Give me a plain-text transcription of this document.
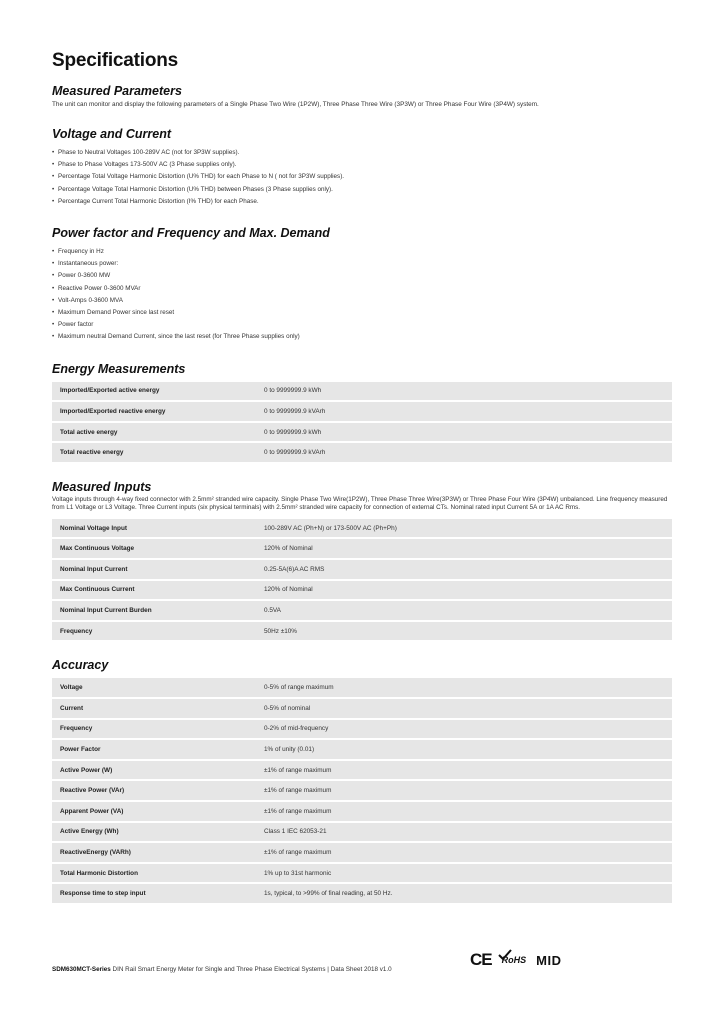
Specifications
Measured Parameters

The unit can monitor and display the following parameters of a Single Phase Two Wire (1P2W), Three Phase Three Wire (3P3W) or Three Phase Four Wire (3P4W) system.

Voltage and Current
• Phase to Neutral Voltages 100-289V AC (not for 3P3W supplies).
• Phase to Phase Voltages 173-500V AC (3 Phase supplies only).
• Percentage Total Voltage Harmonic Distortion (U% THD) for each Phase to N ( not for 3P3W supplies).
• Percentage Voltage Total Harmonic Distortion (U% THD) between Phases (3 Phase supplies only).
• Percentage Current Total Harmonic Distortion (I% THD) for each Phase.
Power factor and Frequency and Max. Demand
• Frequency in Hz
• Instantaneous power:
• Power 0-3600 MW
• Reactive Power 0-3600 MVAr
• Volt-Amps 0-3600 MVA
• Maximum Demand Power since last reset
• Power factor
• Maximum neutral Demand Current, since the last reset (for Three Phase supplies only)
Energy Measurements
Imported/Exported active energy	0 to 9999999.9 kWh
Imported/Exported reactive energy	0 to 9999999.9 kVArh
Total active energy	0 to 9999999.9 kWh
Total reactive energy	0 to 9999999.9 kVArh
Measured Inputs

Voltage inputs through 4-way fixed connector with 2.5mm² stranded wire capacity. Single Phase Two Wire(1P2W), Three Phase Three Wire(3P3W) or Three Phase Four Wire (3P4W) unbalanced. Line frequency measured from L1 Voltage or L3 Voltage. Three Current inputs (six physical terminals) with 2.5mm² stranded wire capacity for connection of external CTs. Nominal rated input Current 5A or 1A AC Rms.

Nominal Voltage Input	100-289V AC (Ph+N) or 173-500V AC (Ph+Ph)
Max Continuous Voltage	120% of Nominal
Nominal Input Current	0.25-5A(6)A AC RMS
Max Continuous Current	120% of Nominal
Nominal Input Current Burden	0.5VA
Frequency	50Hz ±10%
Accuracy
Voltage	0-5% of range maximum
Current	0-5% of nominal
Frequency	0-2% of mid-frequency
Power Factor	1% of unity (0.01)
Active Power (W)	±1% of range maximum
Reactive Power (VAr)	±1% of range maximum
Apparent Power (VA)	±1% of range maximum
Active Energy (Wh)	Class 1 IEC 62053-21
ReactiveEnergy (VARh)	±1% of range maximum
Total Harmonic Distortion	1% up to 31st harmonic
Response time to step input	1s, typical, to >99% of final reading, at 50 Hz.
SDM630MCT-Series DIN Rail Smart Energy Meter for Single and Three Phase Electrical Systems | Data Sheet 2018 v1.0
CE RoHS MID
